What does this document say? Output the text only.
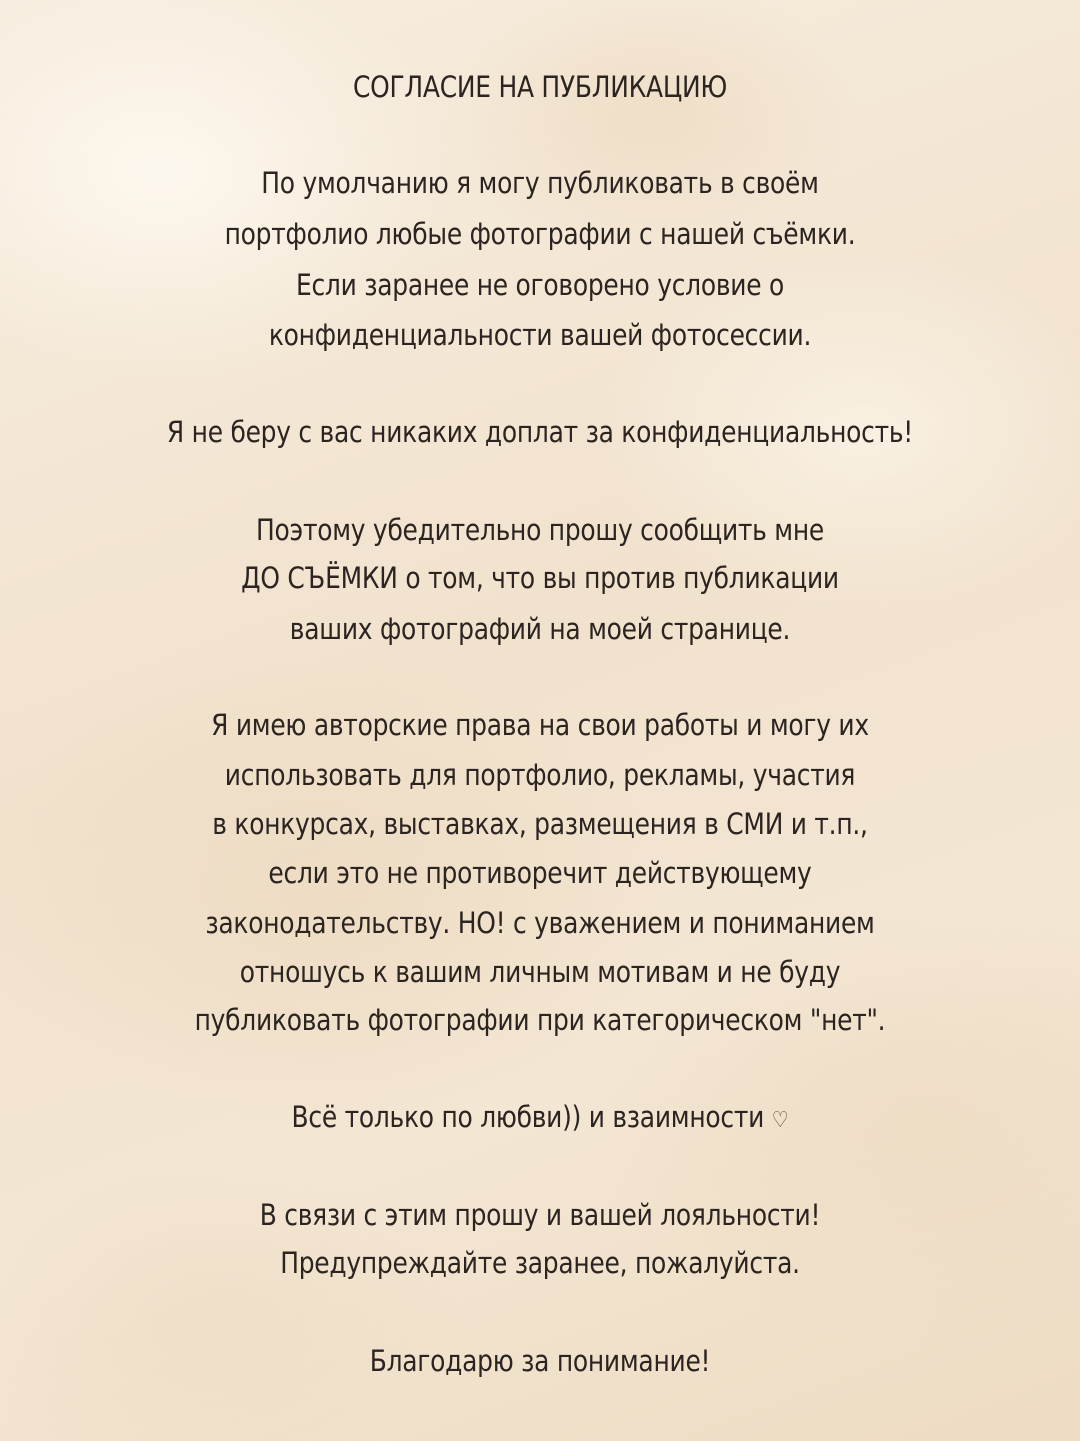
СОГЛАСИЕ НА ПУБЛИКАЦИЮ
По умолчанию я могу публиковать в своём
портфолио любые фотографии с нашей съёмки.
Если заранее не оговорено условие о
конфиденциальности вашей фотосессии.
Я не беру с вас никаких доплат за конфиденциальность!
Поэтому убедительно прошу сообщить мне
ДО СЪЁМКИ о том, что вы против публикации
ваших фотографий на моей странице.
Я имею авторские права на свои работы и могу их
использовать для портфолио, рекламы, участия
в конкурсах, выставках, размещения в СМИ и т.п.,
если это не противоречит действующему
законодательству. НО! с уважением и пониманием
отношусь к вашим личным мотивам и не буду
публиковать фотографии при категорическом "нет".
Всё только по любви)) и взаимности ♡
В связи с этим прошу и вашей лояльности!
Предупреждайте заранее, пожалуйста.
Благодарю за понимание!
